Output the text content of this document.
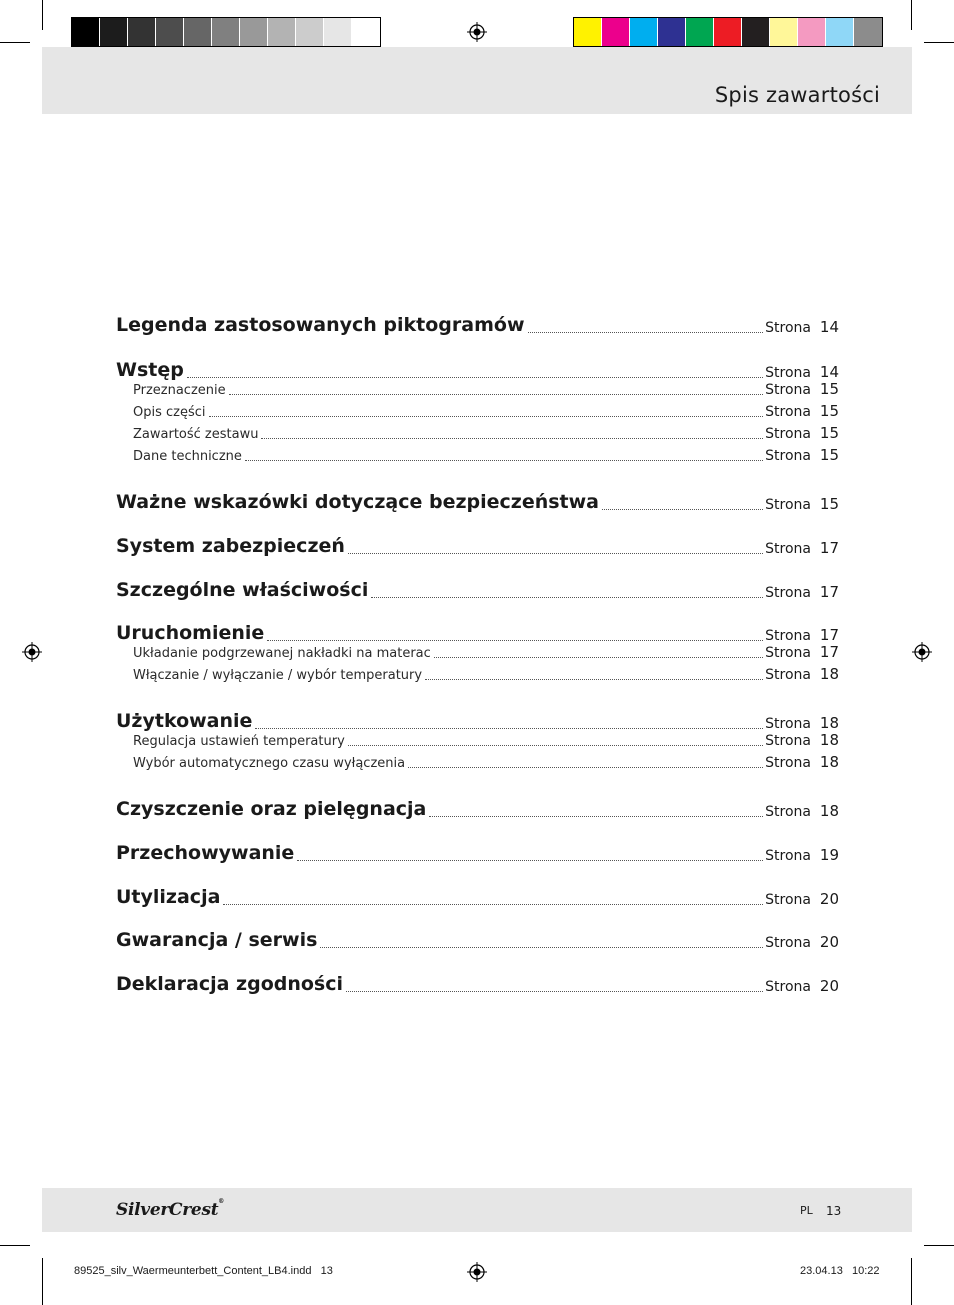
Spis zawartości
Legenda zastosowanych piktogramów	Strona 14
Wstęp	Strona 14
Przeznaczenie	Strona 15
Opis części	Strona 15
Zawartość zestawu	Strona 15
Dane techniczne	Strona 15
Ważne wskazówki dotyczące bezpieczeństwa	Strona 15
System zabezpieczeń	Strona 17
Szczególne właściwości	Strona 17
Uruchomienie	Strona 17
Układanie podgrzewanej nakładki na materac	Strona 17
Włączanie / wyłączanie / wybór temperatury	Strona 18
Użytkowanie	Strona 18
Regulacja ustawień temperatury	Strona 18
Wybór automatycznego czasu wyłączenia	Strona 18
Czyszczenie oraz pielęgnacja	Strona 18
Przechowywanie	Strona 19
Utylizacja	Strona 20
Gwarancja / serwis	Strona 20
Deklaracja zgodności	Strona 20
SilverCrest®
PL 13
89525_silv_Waermeunterbett_Content_LB4.indd   13	23.04.13   10:22
